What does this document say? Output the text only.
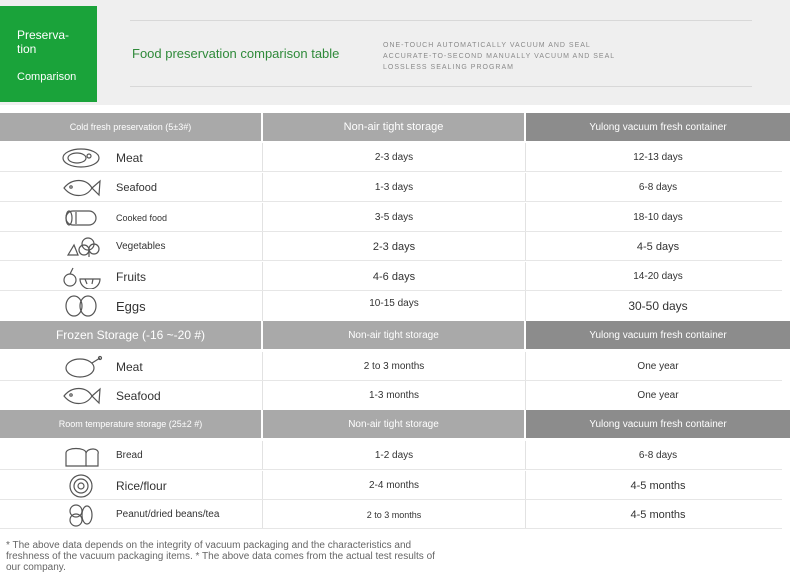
Preserva-tion
Comparison
Food preservation comparison table
ONE-TOUCH AUTOMATICALLY VACUUM AND SEAL
ACCURATE-TO-SECOND MANUALLY VACUUM AND SEAL
LOSSLESS SEALING PROGRAM
Cold fresh preservation (5±3#)	Non-air tight storage	Yulong vacuum fresh container
Meat	2-3 days	12-13 days
Seafood	1-3 days	6-8 days
Cooked food	3-5 days	18-10 days
Vegetables	2-3 days	4-5 days
Fruits	4-6 days	14-20 days
Eggs	10-15 days	30-50 days
Frozen Storage (-16 ~-20 #)	Non-air tight storage	Yulong vacuum fresh container
Meat	2 to 3 months	One year
Seafood	1-3 months	One year
Room temperature storage (25±2 #)	Non-air tight storage	Yulong vacuum fresh container
Bread	1-2 days	6-8 days
Rice/flour	2-4 months	4-5 months
Peanut/dried beans/tea	2 to 3 months	4-5 months
* The above data depends on the integrity of vacuum packaging and the characteristics and freshness of the vacuum packaging items. * The above data comes from the actual test results of our company.
